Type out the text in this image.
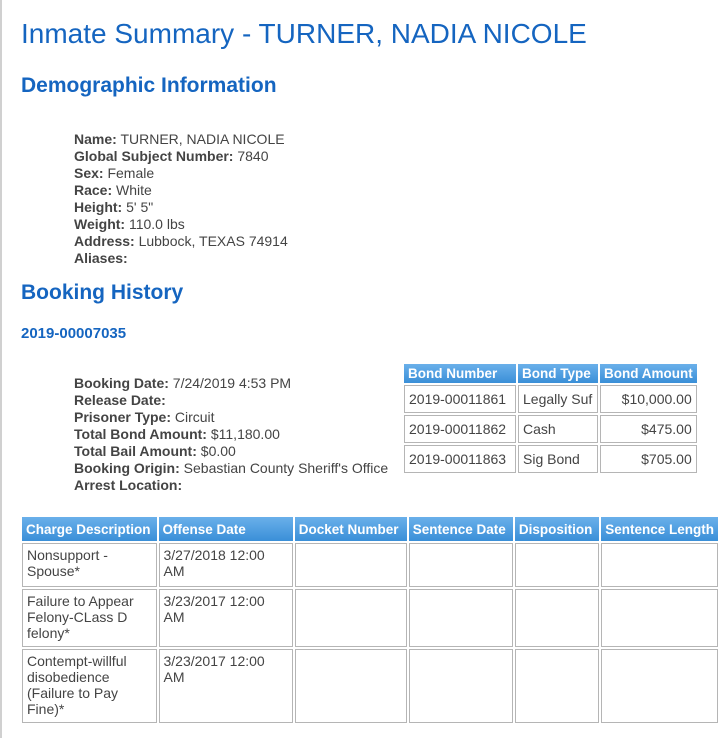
Inmate Summary - TURNER, NADIA NICOLE
Demographic Information
Name: TURNER, NADIA NICOLE
Global Subject Number: 7840
Sex: Female
Race: White
Height: 5' 5"
Weight: 110.0 lbs
Address: Lubbock, TEXAS 74914
Aliases:
Booking History
2019-00007035
Booking Date: 7/24/2019 4:53 PM
Release Date:
Prisoner Type: Circuit
Total Bond Amount: $11,180.00
Total Bail Amount: $0.00
Booking Origin: Sebastian County Sheriff's Office
Arrest Location:
Bond Number	Bond Type	Bond Amount
2019-00011861	Legally Suf	$10,000.00
2019-00011862	Cash	$475.00
2019-00011863	Sig Bond	$705.00
Charge Description	Offense Date	Docket Number	Sentence Date	Disposition	Sentence Length
Nonsupport - Spouse*	3/27/2018 12:00 AM				
Failure to Appear Felony-CLass D felony*	3/23/2017 12:00 AM				
Contempt-willful disobedience (Failure to Pay Fine)*	3/23/2017 12:00 AM				
